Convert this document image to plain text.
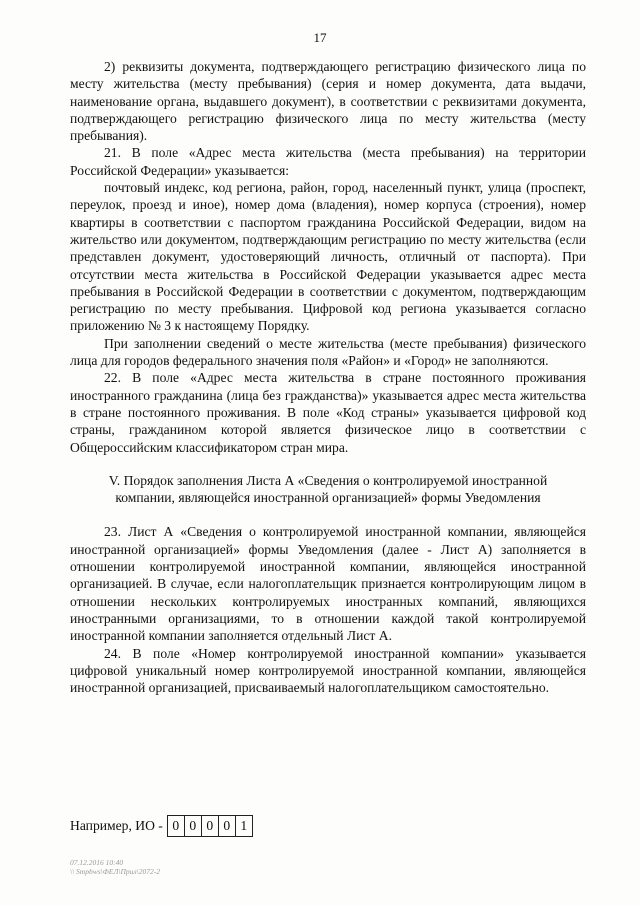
17

2) реквизиты документа, подтверждающего регистрацию физического лица по месту жительства (месту пребывания) (серия и номер документа, дата выдачи, наименование органа, выдавшего документ), в соответствии с реквизитами документа, подтверждающего регистрацию физического лица по месту жительства (месту пребывания).

21. В поле «Адрес места жительства (места пребывания) на территории Российской Федерации» указывается:

почтовый индекс, код региона, район, город, населенный пункт, улица (проспект, переулок, проезд и иное), номер дома (владения), номер корпуса (строения), номер квартиры в соответствии с паспортом гражданина Российской Федерации, видом на жительство или документом, подтверждающим регистрацию по месту жительства (если представлен документ, удостоверяющий личность, отличный от паспорта). При отсутствии места жительства в Российской Федерации указывается адрес места пребывания в Российской Федерации в соответствии с документом, подтверждающим регистрацию по месту пребывания. Цифровой код региона указывается согласно приложению № 3 к настоящему Порядку.

При заполнении сведений о месте жительства (месте пребывания) физического лица для городов федерального значения поля «Район» и «Город» не заполняются.

22. В поле «Адрес места жительства в стране постоянного проживания иностранного гражданина (лица без гражданства)» указывается адрес места жительства в стране постоянного проживания. В поле «Код страны» указывается цифровой код страны, гражданином которой является физическое лицо в соответствии с Общероссийским классификатором стран мира.

V. Порядок заполнения Листа А «Сведения о контролируемой иностранной
компании, являющейся иностранной организацией» формы Уведомления

23. Лист А «Сведения о контролируемой иностранной компании, являющейся иностранной организацией» формы Уведомления (далее - Лист А) заполняется в отношении контролируемой иностранной компании, являющейся иностранной организацией. В случае, если налогоплательщик признается контролирующим лицом в отношении нескольких контролируемых иностранных компаний, являющихся иностранными организациями, то в отношении каждой такой контролируемой иностранной компании заполняется отдельный Лист А.

24. В поле «Номер контролируемой иностранной компании» указывается цифровой уникальный номер контролируемой иностранной компании, являющейся иностранной организацией, присваиваемый налогоплательщиком самостоятельно.

Например, ИО - 0 0 0 0 1
07.12.2016 10:40
\\ Smpbws\ФЕЛ\Прил\2072-2
